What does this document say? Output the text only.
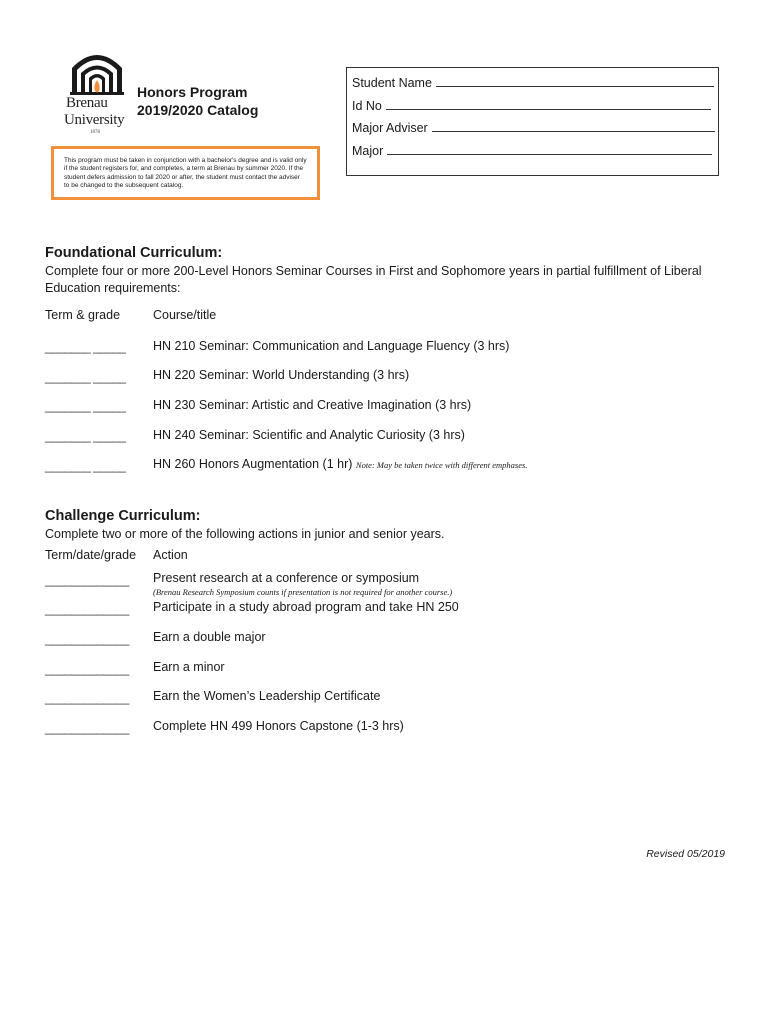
Brenau
University
1878
Honors Program
2019/2020 Catalog
Student Name
Id No
Major Adviser
Major
This program must be taken in conjunction with a bachelor's degree and is valid only if the student registers for, and completes, a term at Brenau by summer 2020. If the student defers admission to fall 2020 or after, the student must contact the adviser to be changed to the subsequent catalog.
Foundational Curriculum:
Complete four or more 200-Level Honors Seminar Courses in First and Sophomore years in partial fulfillment of Liberal Education requirements:
Term & grade	Course/title
_______ _____ HN 210 Seminar: Communication and Language Fluency (3 hrs)
_______ _____ HN 220 Seminar: World Understanding (3 hrs)
_______ _____ HN 230 Seminar: Artistic and Creative Imagination (3 hrs)
_______ _____ HN 240 Seminar: Scientific and Analytic Curiosity (3 hrs)
_______ _____ HN 260 Honors Augmentation (1 hr) Note: May be taken twice with different emphases.
Challenge Curriculum:
Complete two or more of the following actions in junior and senior years.
Term/date/grade Action
_____________ Present research at a conference or symposium
(Brenau Research Symposium counts if presentation is not required for another course.)
_____________ Participate in a study abroad program and take HN 250
_____________ Earn a double major
_____________ Earn a minor
_____________ Earn the Women’s Leadership Certificate
_____________ Complete HN 499 Honors Capstone (1-3 hrs)
Revised 05/2019
